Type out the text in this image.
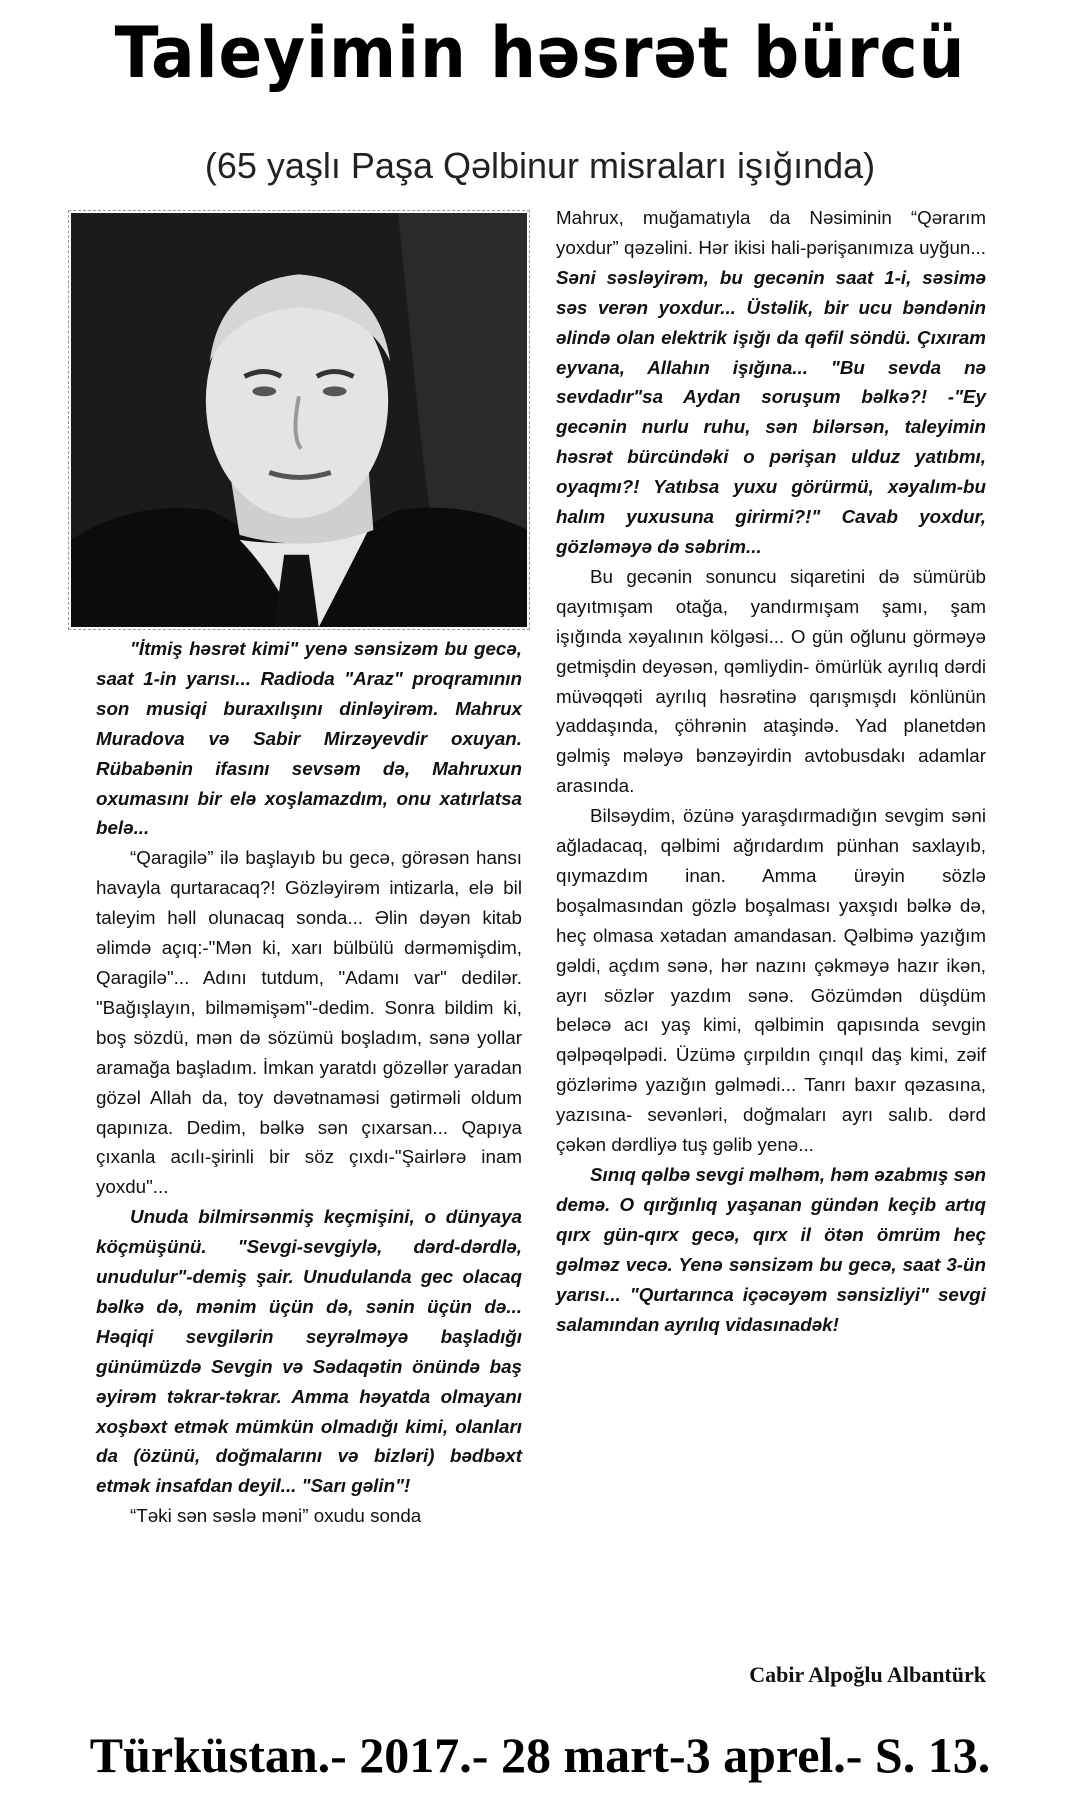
Taleyimin həsrət bürcü
(65 yaşlı Paşa Qəlbinur misraları işığında)

"İtmiş həsrət kimi" yenə sənsizəm bu gecə, saat 1-in yarısı... Radioda "Araz" proqramının son musiqi buraxılışını dinləyirəm. Mahrux Muradova və Sabir Mirzəyevdir oxuyan. Rübabənin ifasını sevsəm də, Mahruxun oxumasını bir elə xoşlamazdım, onu xatırlatsa belə...

“Qaragilə” ilə başlayıb bu gecə, görəsən hansı havayla qurtaracaq?! Gözləyirəm intizarla, elə bil taleyim həll olunacaq sonda... Əlin dəyən kitab əlimdə açıq:-"Mən ki, xarı bülbülü dərməmişdim, Qaragilə"... Adını tutdum, "Adamı var" dedilər. "Bağışlayın, bilməmişəm"-dedim. Sonra bildim ki, boş sözdü, mən də sözümü boşladım, sənə yollar aramağa başladım. İmkan yaratdı gözəllər yaradan gözəl Allah da, toy dəvətnaməsi gətirməli oldum qapınıza. Dedim, bəlkə sən çıxarsan... Qapıya çıxanla acılı-şirinli bir söz çıxdı-"Şairlərə inam yoxdu"...

Unuda bilmirsənmiş keçmişini, o dünyaya köçmüşünü. "Sevgi-sevgiylə, dərd-dərdlə, unudulur"-demiş şair. Unudulanda gec olacaq bəlkə də, mənim üçün də, sənin üçün də... Həqiqi sevgilərin seyrəlməyə başladığı günümüzdə Sevgin və Sədaqətin önündə baş əyirəm təkrar-təkrar. Amma həyatda olmayanı xoşbəxt etmək mümkün olmadığı kimi, olanları da (özünü, doğmalarını və bizləri) bədbəxt etmək insafdan deyil... "Sarı gəlin"!

“Təki sən səslə məni” oxudu sonda

Mahrux, muğamatıyla da Nəsiminin “Qərarım yoxdur” qəzəlini. Hər ikisi hali-pərişanımıza uyğun... Səni səsləyirəm, bu gecənin saat 1-i, səsimə səs verən yoxdur... Üstəlik, bir ucu bəndənin əlində olan elektrik işığı da qəfil söndü. Çıxıram eyvana, Allahın işığına... "Bu sevda nə sevdadır"sa Aydan soruşum bəlkə?! -"Ey gecənin nurlu ruhu, sən bilərsən, taleyimin həsrət bürcündəki o pərişan ulduz yatıbmı, oyaqmı?! Yatıbsa yuxu görürmü, xəyalım-bu halım yuxusuna girirmi?!" Cavab yoxdur, gözləməyə də səbrim...

Bu gecənin sonuncu siqaretini də sümürüb qayıtmışam otağa, yandırmışam şamı, şam işığında xəyalının kölgəsi... O gün oğlunu görməyə getmişdin deyəsən, qəmliydin- ömürlük ayrılıq dərdi müvəqqəti ayrılıq həsrətinə qarışmışdı könlünün yaddaşında, çöhrənin ataşində. Yad planetdən gəlmiş mələyə bənzəyirdin avtobusdakı adamlar arasında.

Bilsəydim, özünə yaraşdırmadığın sevgim səni ağladacaq, qəlbimi ağrıdardım pünhan saxlayıb, qıymazdım inan. Amma ürəyin sözlə boşalmasından gözlə boşalması yaxşıdı bəlkə də, heç olmasa xətadan amandasan. Qəlbimə yazığım gəldi, açdım sənə, hər nazını çəkməyə hazır ikən, ayrı sözlər yazdım sənə. Gözümdən düşdüm beləcə acı yaş kimi, qəlbimin qapısında sevgin qəlpəqəlpədi. Üzümə çırpıldın çınqıl daş kimi, zəif gözlərimə yazığın gəlmədi... Tanrı baxır qəzasına, yazısına- sevənləri, doğmaları ayrı salıb. dərd çəkən dərdliyə tuş gəlib yenə...

Sınıq qəlbə sevgi məlhəm, həm əzabmış sən demə. O qırğınlıq yaşanan gündən keçib artıq qırx gün-qırx gecə, qırx il ötən ömrüm heç gəlməz vecə. Yenə sənsizəm bu gecə, saat 3-ün yarısı... "Qurtarınca içəcəyəm sənsizliyi" sevgi salamından ayrılıq vidasınadək!

Cabir Alpoğlu Albantürk
Türküstan.- 2017.- 28 mart-3 aprel.- S. 13.
